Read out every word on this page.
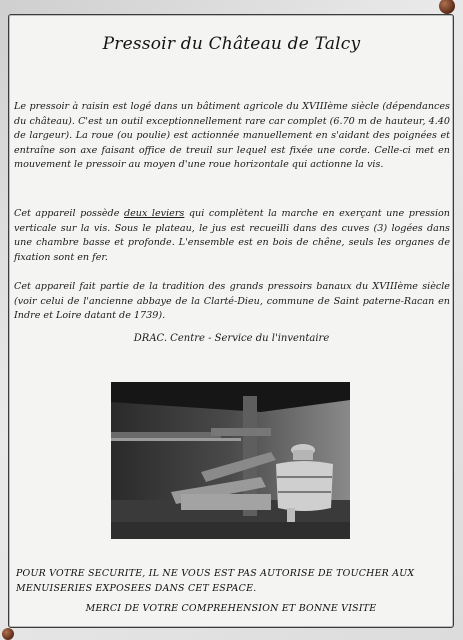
Pressoir du Château de Talcy
Le pressoir à raisin est logé dans un bâtiment agricole du XVIIIème siècle (dépendances du château). C'est un outil exceptionnellement rare car complet (6.70 m de hauteur, 4.40 de largeur). La roue (ou poulie) est actionnée manuellement en s'aidant des poignées et entraîne son axe faisant office de treuil sur lequel est fixée une corde. Celle-ci met en mouvement le pressoir au moyen d'une roue horizontale qui actionne la vis.
Cet appareil possède deux leviers qui complètent la marche en exerçant une pression verticale sur la vis. Sous le plateau, le jus est recueilli dans des cuves (3) logées dans une chambre basse et profonde. L'ensemble est en bois de chêne, seuls les organes de fixation sont en fer.
Cet appareil fait partie de la tradition des grands pressoirs banaux du XVIIIème siècle (voir celui de l'ancienne abbaye de la Clarté-Dieu, commune de Saint paterne-Racan en Indre et Loire datant de 1739).
DRAC. Centre - Service du l'inventaire
POUR VOTRE SECURITE, IL NE VOUS EST PAS AUTORISE DE TOUCHER AUX MENUISERIES EXPOSEES DANS CET ESPACE.
MERCI DE VOTRE COMPREHENSION ET BONNE VISITE
